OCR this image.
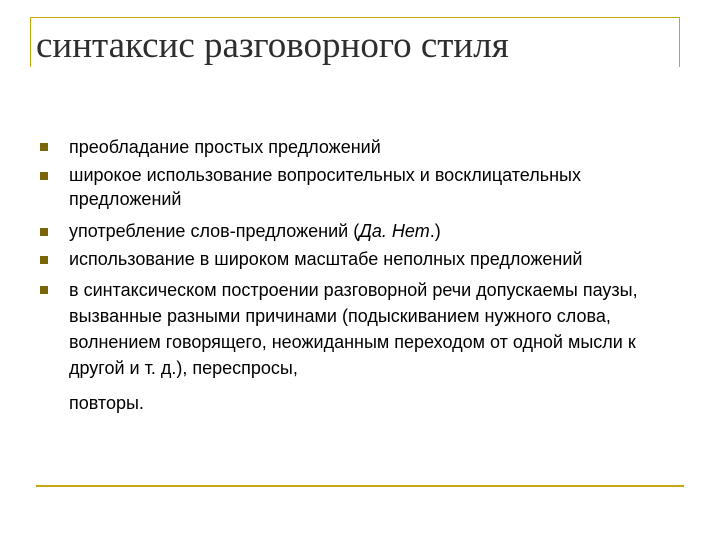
синтаксис разговорного стиля
преобладание простых предложений
широкое использование вопросительных и восклицательных предложений
употребление слов-предложений (Да. Нет.)
использование в широком масштабе неполных предложений
в синтаксическом построении разговорной речи допускаемы паузы, вызванные разными причинами (подыскиванием нужного слова, волнением говорящего, неожиданным переходом от одной мысли к другой и т. д.), переспросы,
повторы.
